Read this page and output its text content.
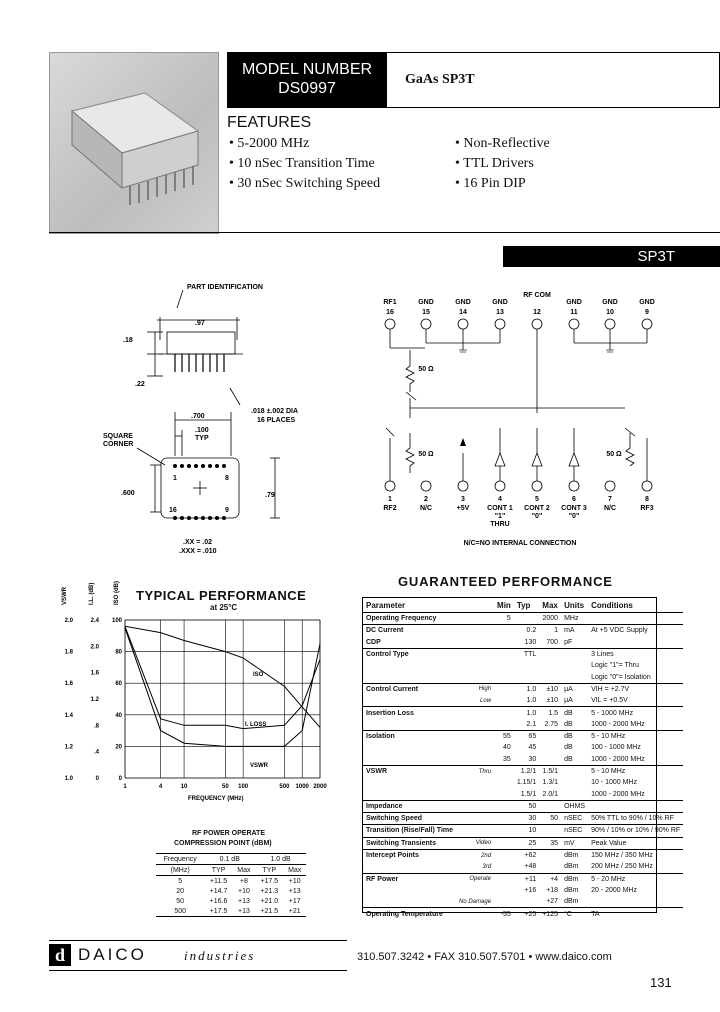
MODEL NUMBER
DS0997
GaAs SP3T
FEATURES
• 5-2000 MHz
• 10 nSec Transition Time
• 30 nSec Switching Speed
• Non-Reflective
• TTL Drivers
• 16 Pin DIP
SP3T
PART IDENTIFICATION
.97
.18
.22
.700
.100
TYP
.018 ±.002 DIA
16 PLACES
SQUARE
CORNER
.600	.79
1	8
16	9
.XX = .02
.XXX = .010
RF1
16
GND
15
GND
14
GND
13
RF COM
12
GND
11
GND
10
GND
9
1
RF2
2
N/C
3
+5V
4
CONT 1
"1"
THRU
5
CONT 2
"0"
6
CONT 3
"0"
7
N/C
8
RF3
50 Ω
50 Ω	50 Ω
N/C=NO INTERNAL CONNECTION
TYPICAL PERFORMANCE
at 25°C
VSWR	I.L. (dB)	ISO (dB)
1	4	10	50 100	500 1000 2000
2.0
1.8
1.6
1.4
1.2
1.0
2.4
2.0
1.6
1.2
.8
.4
0
100
80
60
40
20
0
ISO
I. LOSS
VSWR
FREQUENCY (MHz)
RF POWER OPERATE
COMPRESSION POINT (dBM)
Frequency	0.1 dB		1.0 dB	
(MHz)	TYP	Max	TYP	Max
5	+11.5	+8	+17.5	+10
20	+14.7	+10	+21.3	+13
50	+16.6	+13	+21.0	+17
500	+17.5	+13	+21.5	+21
GUARANTEED PERFORMANCE
Parameter		Min	Typ	Max	Units	Conditions
Operating Frequency		5		2000	MHz	
DC Current			0.2	1	mA	At +5 VDC Supply
CDP			130	700	pF	
Control Type			TTL			3 Lines
						Logic "1"= Thru
						Logic "0"= Isolation
Control Current	High		1.0	±10	μA	VIH = +2.7V
	Low		1.0	±10	μA	VIL = +0.5V
Insertion Loss			1.0	1.5	dB	5 - 1000 MHz
			2.1	2.75	dB	1000 - 2000 MHz
Isolation		55	65		dB	5 - 10 MHz
		40	45		dB	100 - 1000 MHz
		35	30		dB	1000 - 2000 MHz
VSWR	Thru		1.2/1	1.5/1		5 - 10 MHz
			1.15/1	1.3/1		10 - 1000 MHz
			1.5/1	2.0/1		1000 - 2000 MHz
Impedance			50		OHMS	
Switching Speed			30	50	nSEC	50% TTL to 90% / 10% RF
Transition (Rise/Fall) Time			10		nSEC	90% / 10% or 10% / 90% RF
Switching Transients	Video		25	35	mV	Peak Value
Intercept Points	2nd		+62		dBm	150 MHz / 350 MHz
	3rd		+48		dBm	200 MHz / 250 MHz
RF Power	Operate		+11	+4	dBm	5 - 20 MHz
			+16	+18	dBm	20 - 2000 MHz
	No Damage			+27	dBm	
Operating Temperature		-55	+25	+125	°C	TA
d DAICO	industries	310.507.3242 • FAX 310.507.5701 • www.daico.com
131
